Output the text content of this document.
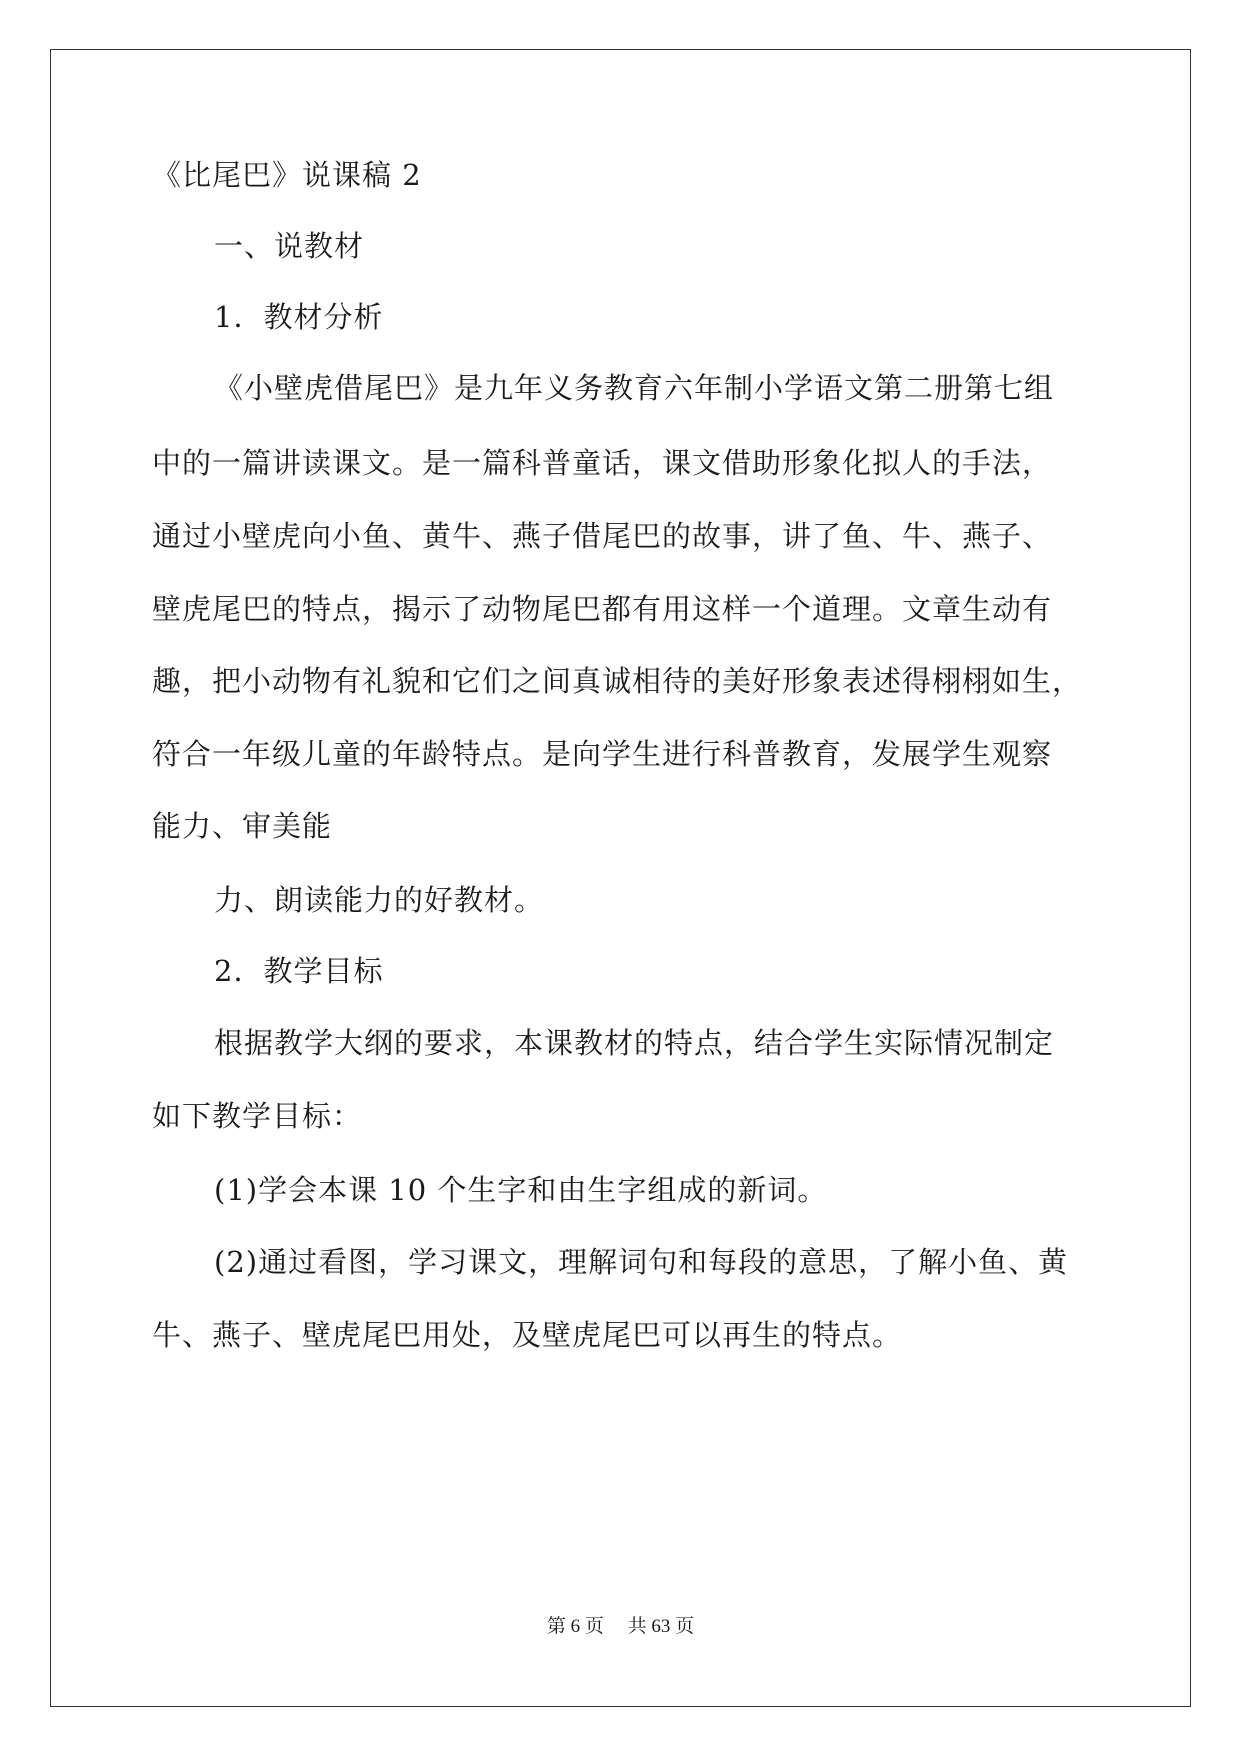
《比尾巴》说课稿 2
一、说教材
1．教材分析
《小壁虎借尾巴》是九年义务教育六年制小学语文第二册第七组
中的一篇讲读课文。是一篇科普童话，课文借助形象化拟人的手法，
通过小壁虎向小鱼、黄牛、燕子借尾巴的故事，讲了鱼、牛、燕子、
壁虎尾巴的特点，揭示了动物尾巴都有用这样一个道理。文章生动有
趣，把小动物有礼貌和它们之间真诚相待的美好形象表述得栩栩如生，
符合一年级儿童的年龄特点。是向学生进行科普教育，发展学生观察
能力、审美能
力、朗读能力的好教材。
2．教学目标
根据教学大纲的要求，本课教材的特点，结合学生实际情况制定
如下教学目标：
(1)学会本课 10 个生字和由生字组成的新词。
(2)通过看图，学习课文，理解词句和每段的意思，了解小鱼、黄
牛、燕子、壁虎尾巴用处，及壁虎尾巴可以再生的特点。
第 6 页 共 63 页
